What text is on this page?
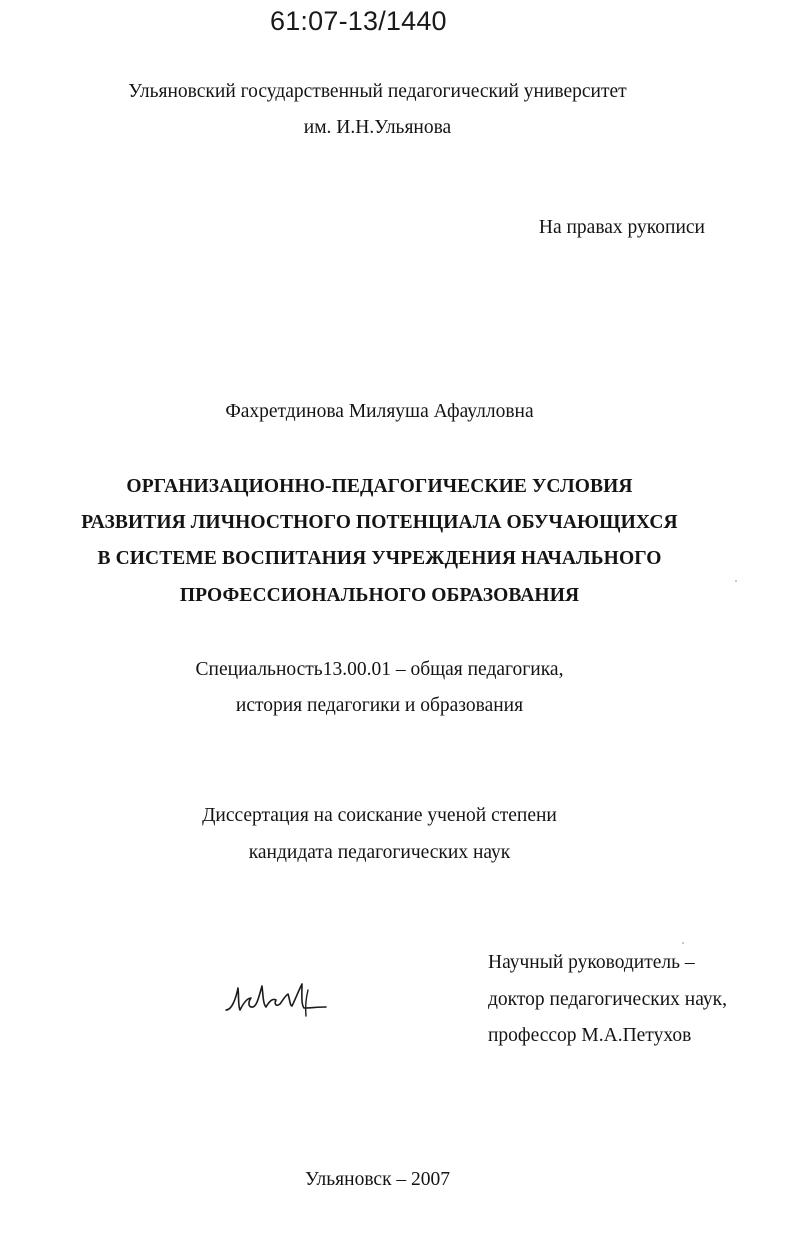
61:07-13/1440
Ульяновский государственный педагогический университет
им. И.Н.Ульянова
На правах рукописи
Фахретдинова Миляуша Афаулловна
ОРГАНИЗАЦИОННО-ПЕДАГОГИЧЕСКИЕ УСЛОВИЯ
РАЗВИТИЯ ЛИЧНОСТНОГО ПОТЕНЦИАЛА ОБУЧАЮЩИХСЯ
В СИСТЕМЕ ВОСПИТАНИЯ УЧРЕЖДЕНИЯ НАЧАЛЬНОГО
ПРОФЕССИОНАЛЬНОГО ОБРАЗОВАНИЯ
Специальность13.00.01 – общая педагогика,
история педагогики и образования
Диссертация на соискание ученой степени
кандидата педагогических наук
Научный руководитель –
доктор педагогических наук,
профессор М.А.Петухов
Ульяновск – 2007
